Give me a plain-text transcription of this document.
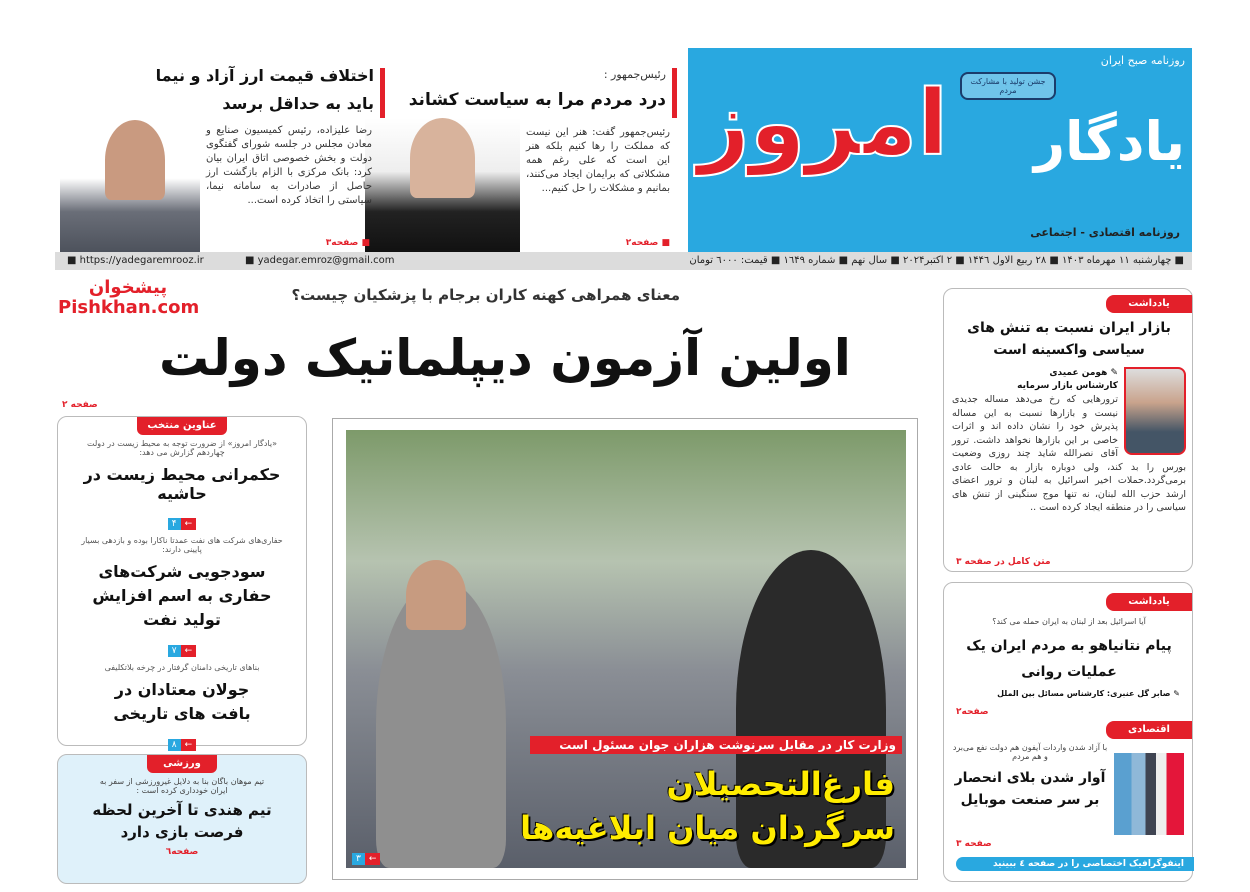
روزنامه صبح ایران
جشن تولید با مشارکت مردم
یادگار
امروز
روزنامه اقتصادی - اجتماعی
■ چهارشنبه ۱۱ مهرماه ۱۴۰۳ ■ ۲۸ ربیع الاول ۱۴۴٦ ■ ۲ اکتبر۲۰۲۴ ■ سال نهم ■ شماره ۱٦۴۹ ■ قیمت: ٦۰۰۰ تومان
■ https://yadegaremrooz.ir	■ yadegar.emroz@gmail.com
رئیس‌جمهور :
درد مردم مرا به سیاست کشاند
رئیس‌جمهور گفت: هنر این نیست که مملکت را رها کنیم بلکه هنر این است که علی رغم همه مشکلاتی که برایمان ایجاد می‌کنند، بمانیم و مشکلات را حل کنیم...
■ صفحه۲
اختلاف قیمت ارز آزاد و نیما
باید به حداقل برسد
رضا علیزاده، رئیس کمیسیون صنایع و معادن مجلس در جلسه شورای گفتگوی دولت و بخش خصوصی اتاق ایران بیان کرد: بانک مرکزی با الزام بازگشت ارز حاصل از صادرات به سامانه نیما، سیاستی را اتخاذ کرده است...
■ صفحه۳
پیشخوان Pishkhan.com
معنای همراهی کهنه کاران برجام با پزشکیان چیست؟
اولین آزمون دیپلماتیک دولت
صفحه ۲
عناوین منتخب
«یادگار امروز» از ضرورت توجه به محیط زیست در دولت چهاردهم گزارش می دهد:
حکمرانی محیط زیست در حاشیه
۴ ←
حفاری‌های شرکت های نفت عمدتا ناکارا بوده و بازدهی بسیار پایینی دارند:
سودجویی شرکت‌های حفاری به اسم افزایش تولید نفت
۷ ←
بناهای تاریخی دامنان گرفتار در چرخه بلاتکلیفی
جولان معتادان در بافت های تاریخی
۸ ←
ورزشی
تیم موهان باگان بنا به دلایل غیرورزشی از سفر به ایران خودداری کرده است :
تیم هندی تا آخرین لحظه فرصت بازی دارد
صفحه٦
وزارت کار در مقابل سرنوشت هزاران جوان مسئول است
فارغ‌التحصیلان
سرگردان میان ابلاغیه‌ها
۳ ←
یادداشت
بازار ایران نسبت به تنش های سیاسی واکسینه است
✎ هومن عمیدی
کارشناس بازار سرمایه
ترورهایی که رخ می‌دهد مساله جدیدی نیست و بازارها نسبت به این مساله پذیرش خود را نشان داده اند و اثرات خاصی بر این بازارها نخواهد داشت. ترور آقای نصرالله شاید چند روزی وضعیت بورس را بد کند، ولی دوباره بازار به حالت عادی برمی‌گردد.حملات اخیر اسرائیل به لبنان و ترور اعضای ارشد حزب الله لبنان، نه تنها موج سنگینی از تنش های سیاسی را در منطقه ایجاد کرده است ..
متن کامل در صفحه ۳
یادداشت
آیا اسرائیل بعد از لبنان به ایران حمله می کند؟
پیام نتانیاهو به مردم ایران یک عملیات روانی
✎ صابر گل عنبری: کارشناس مسائل بین الملل
صفحه۲
اقتصادی
با آزاد شدن واردات آیفون هم دولت نفع می‌برد و هم مردم
آوار شدن بلای انحصار بر سر صنعت موبایل
صفحه ۳
اینفوگرافیک اختصاصی را در صفحه ٤ ببینید
